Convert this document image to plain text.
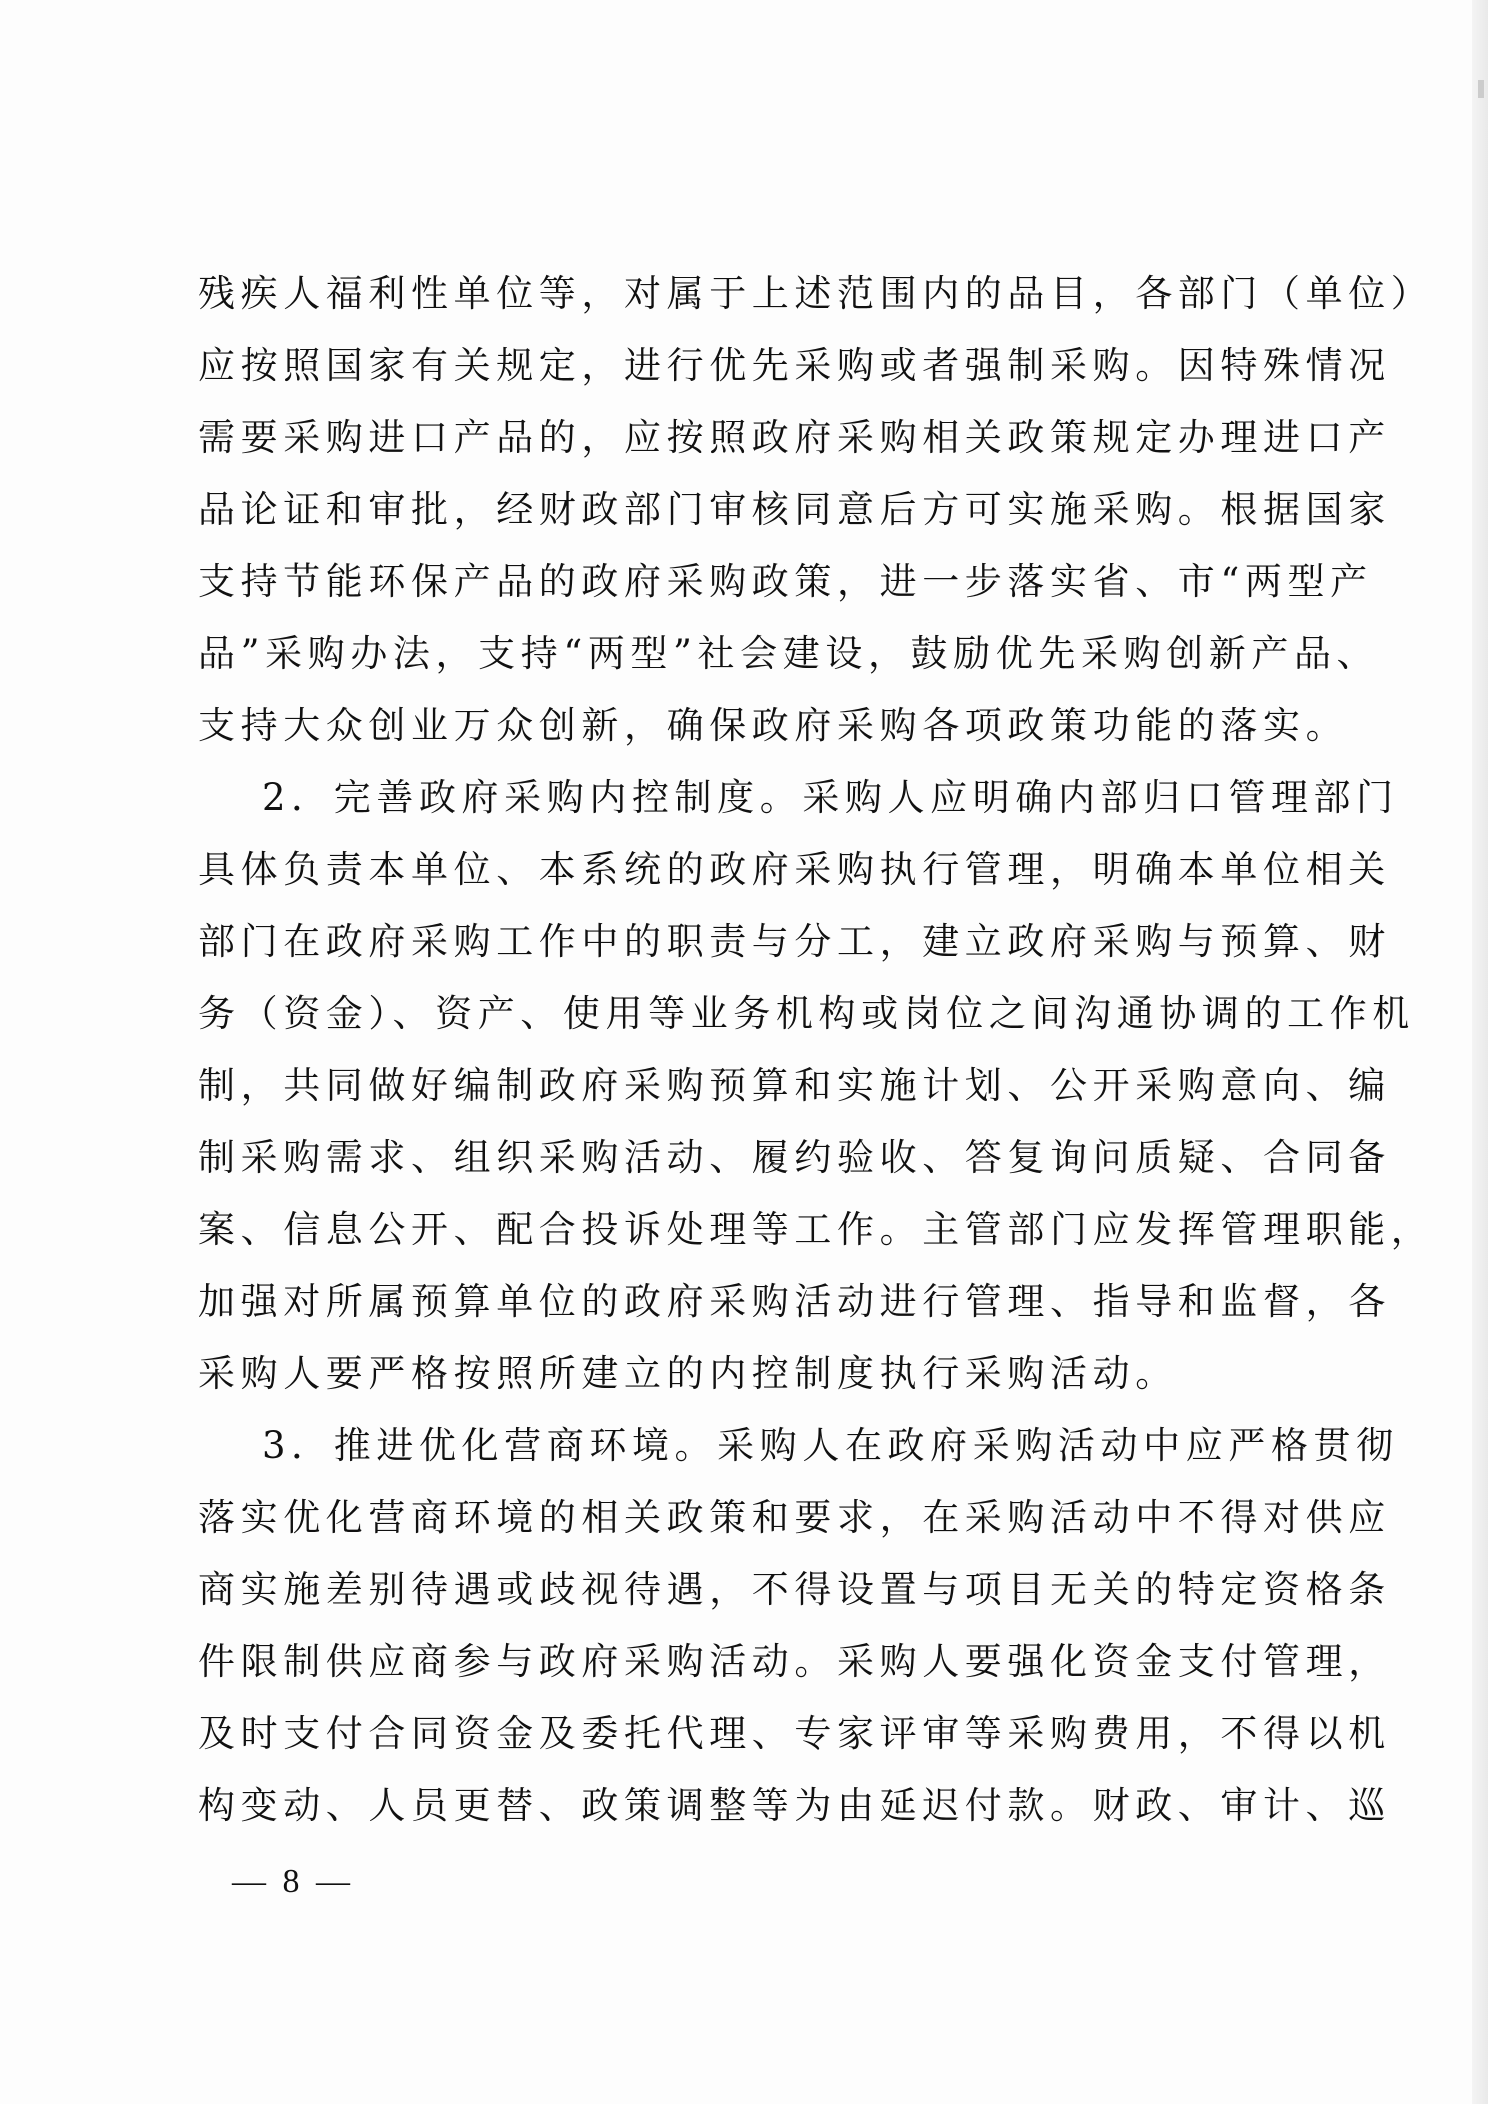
残疾人福利性单位等，对属于上述范围内的品目，各部门（单位）
应按照国家有关规定，进行优先采购或者强制采购。因特殊情况
需要采购进口产品的，应按照政府采购相关政策规定办理进口产
品论证和审批，经财政部门审核同意后方可实施采购。根据国家
支持节能环保产品的政府采购政策，进一步落实省、市“两型产
品”采购办法，支持“两型”社会建设，鼓励优先采购创新产品、
支持大众创业万众创新，确保政府采购各项政策功能的落实。
2．完善政府采购内控制度。采购人应明确内部归口管理部门
具体负责本单位、本系统的政府采购执行管理，明确本单位相关
部门在政府采购工作中的职责与分工，建立政府采购与预算、财
务（资金）、资产、使用等业务机构或岗位之间沟通协调的工作机
制，共同做好编制政府采购预算和实施计划、公开采购意向、编
制采购需求、组织采购活动、履约验收、答复询问质疑、合同备
案、信息公开、配合投诉处理等工作。主管部门应发挥管理职能，
加强对所属预算单位的政府采购活动进行管理、指导和监督，各
采购人要严格按照所建立的内控制度执行采购活动。
3．推进优化营商环境。采购人在政府采购活动中应严格贯彻
落实优化营商环境的相关政策和要求，在采购活动中不得对供应
商实施差别待遇或歧视待遇，不得设置与项目无关的特定资格条
件限制供应商参与政府采购活动。采购人要强化资金支付管理，
及时支付合同资金及委托代理、专家评审等采购费用，不得以机
构变动、人员更替、政策调整等为由延迟付款。财政、审计、巡
— 8 —
